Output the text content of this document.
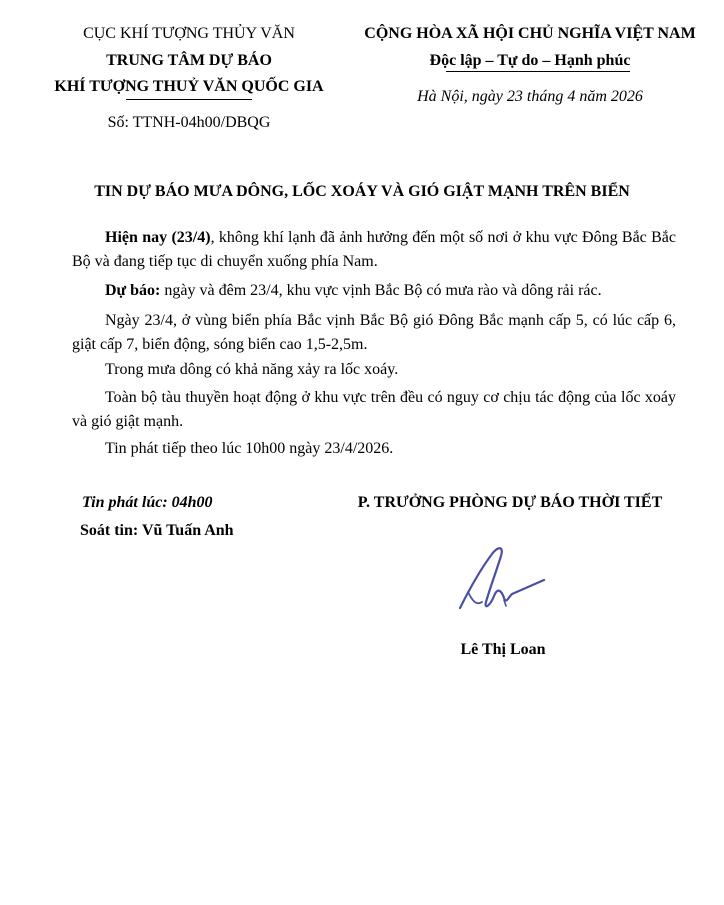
CỤC KHÍ TƯỢNG THỦY VĂN
TRUNG TÂM DỰ BÁO
KHÍ TƯỢNG THUỶ VĂN QUỐC GIA
Số: TTNH-04h00/DBQG
CỘNG HÒA XÃ HỘI CHỦ NGHĨA VIỆT NAM
Độc lập – Tự do – Hạnh phúc
Hà Nội, ngày 23 tháng 4 năm 2026
TIN DỰ BÁO MƯA DÔNG, LỐC XOÁY VÀ GIÓ GIẬT MẠNH TRÊN BIỂN
Hiện nay (23/4), không khí lạnh đã ảnh hưởng đến một số nơi ở khu vực Đông Bắc Bắc Bộ và đang tiếp tục di chuyển xuống phía Nam.
Dự báo: ngày và đêm 23/4, khu vực vịnh Bắc Bộ có mưa rào và dông rải rác.
Ngày 23/4, ở vùng biển phía Bắc vịnh Bắc Bộ gió Đông Bắc mạnh cấp 5, có lúc cấp 6, giật cấp 7, biển động, sóng biển cao 1,5-2,5m.
Trong mưa dông có khả năng xảy ra lốc xoáy.
Toàn bộ tàu thuyền hoạt động ở khu vực trên đều có nguy cơ chịu tác động của lốc xoáy và gió giật mạnh.
Tin phát tiếp theo lúc 10h00 ngày 23/4/2026.
Tin phát lúc: 04h00
Soát tin: Vũ Tuấn Anh
P. TRƯỞNG PHÒNG DỰ BÁO THỜI TIẾT
Lê Thị Loan
